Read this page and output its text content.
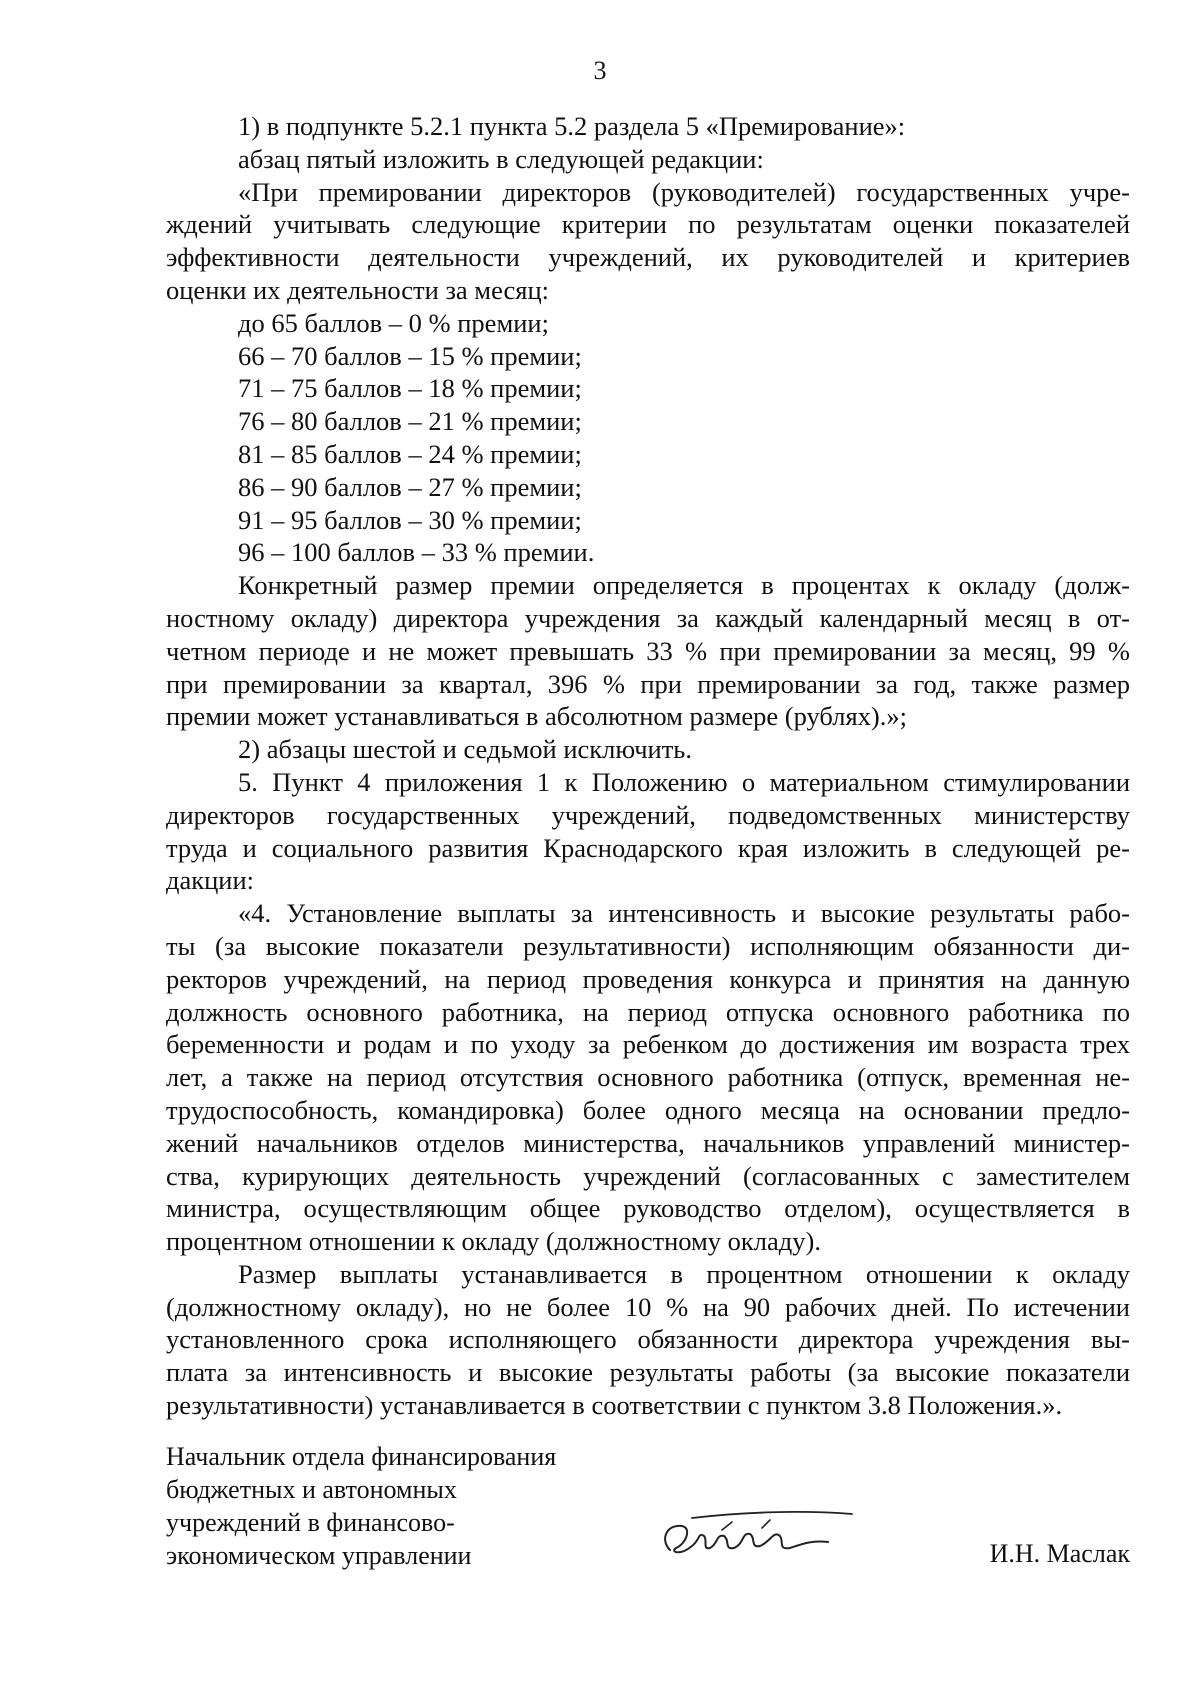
3
1) в подпункте 5.2.1 пункта 5.2 раздела 5 «Премирование»:
абзац пятый изложить в следующей редакции:
«При премировании директоров (руководителей) государственных учре-
ждений учитывать следующие критерии по результатам оценки показателей
эффективности деятельности учреждений, их руководителей и критериев
оценки их деятельности за месяц:
до 65 баллов – 0 % премии;
66 – 70 баллов – 15 % премии;
71 – 75 баллов – 18 % премии;
76 – 80 баллов – 21 % премии;
81 – 85 баллов – 24 % премии;
86 – 90 баллов – 27 % премии;
91 – 95 баллов – 30 % премии;
96 – 100 баллов – 33 % премии.
Конкретный размер премии определяется в процентах к окладу (долж-
ностному окладу) директора учреждения за каждый календарный месяц в от-
четном периоде и не может превышать 33 % при премировании за месяц, 99 %
при премировании за квартал, 396 % при премировании за год, также размер
премии может устанавливаться в абсолютном размере (рублях).»;
2) абзацы шестой и седьмой исключить.
5. Пункт 4 приложения 1 к Положению о материальном стимулировании
директоров государственных учреждений, подведомственных министерству
труда и социального развития Краснодарского края изложить в следующей ре-
дакции:
«4. Установление выплаты за интенсивность и высокие результаты рабо-
ты (за высокие показатели результативности) исполняющим обязанности ди-
ректоров учреждений, на период проведения конкурса и принятия на данную
должность основного работника, на период отпуска основного работника по
беременности и родам и по уходу за ребенком до достижения им возраста трех
лет, а также на период отсутствия основного работника (отпуск, временная не-
трудоспособность, командировка) более одного месяца на основании предло-
жений начальников отделов министерства, начальников управлений министер-
ства, курирующих деятельность учреждений (согласованных с заместителем
министра, осуществляющим общее руководство отделом), осуществляется в
процентном отношении к окладу (должностному окладу).
Размер выплаты устанавливается в процентном отношении к окладу
(должностному окладу), но не более 10 % на 90 рабочих дней. По истечении
установленного срока исполняющего обязанности директора учреждения вы-
плата за интенсивность и высокие результаты работы (за высокие показатели
результативности) устанавливается в соответствии с пунктом 3.8 Положения.».
Начальник отдела финансирования
бюджетных и автономных
учреждений в финансово-
экономическом управлении	И.Н. Маслак
